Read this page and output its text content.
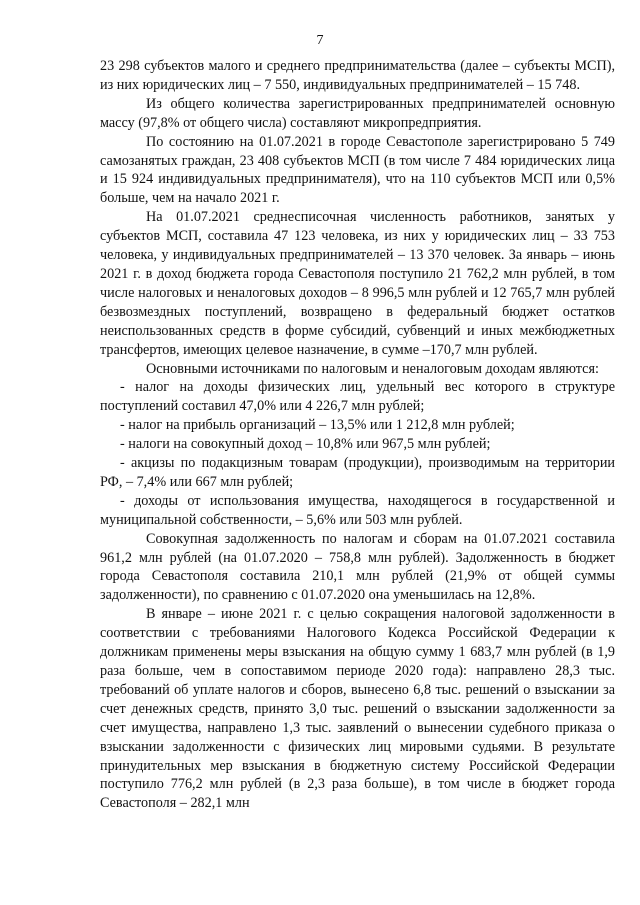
7

23 298 субъектов малого и среднего предпринимательства (далее – субъекты МСП), из них юридических лиц – 7 550, индивидуальных предпринимателей – 15 748.

Из общего количества зарегистрированных предпринимателей основную массу (97,8% от общего числа) составляют микропредприятия.

По состоянию на 01.07.2021 в городе Севастополе зарегистрировано 5 749 самозанятых граждан, 23 408 субъектов МСП (в том числе 7 484 юридических лица и 15 924 индивидуальных предпринимателя), что на 110 субъектов МСП или 0,5% больше, чем на начало 2021 г.

На 01.07.2021 среднесписочная численность работников, занятых у субъектов МСП, составила 47 123 человека, из них у юридических лиц – 33 753 человека, у индивидуальных предпринимателей – 13 370 человек. За январь – июнь 2021 г. в доход бюджета города Севастополя поступило 21 762,2 млн рублей, в том числе налоговых и неналоговых доходов – 8 996,5 млн рублей и 12 765,7 млн рублей безвозмездных поступлений, возвращено в федеральный бюджет остатков неиспользованных средств в форме субсидий, субвенций и иных межбюджетных трансфертов, имеющих целевое назначение, в сумме –170,7 млн рублей.

Основными источниками по налоговым и неналоговым доходам являются:

- налог на доходы физических лиц, удельный вес которого в структуре поступлений составил 47,0% или 4 226,7 млн рублей;

- налог на прибыль организаций – 13,5% или 1 212,8 млн рублей;

- налоги на совокупный доход – 10,8% или 967,5 млн рублей;

- акцизы по подакцизным товарам (продукции), производимым на территории РФ, – 7,4% или 667 млн рублей;

- доходы от использования имущества, находящегося в государственной и муниципальной собственности, – 5,6% или 503 млн рублей.

Совокупная задолженность по налогам и сборам на 01.07.2021 составила 961,2 млн рублей (на 01.07.2020 – 758,8 млн рублей). Задолженность в бюджет города Севастополя составила 210,1 млн рублей (21,9% от общей суммы задолженности), по сравнению с 01.07.2020 она уменьшилась на 12,8%.

В январе – июне 2021 г. с целью сокращения налоговой задолженности в соответствии с требованиями Налогового Кодекса Российской Федерации к должникам применены меры взыскания на общую сумму 1 683,7 млн рублей (в 1,9 раза больше, чем в сопоставимом периоде 2020 года): направлено 28,3 тыс. требований об уплате налогов и сборов, вынесено 6,8 тыс. решений о взыскании за счет денежных средств, принято 3,0 тыс. решений о взыскании задолженности за счет имущества, направлено 1,3 тыс. заявлений о вынесении судебного приказа о взыскании задолженности с физических лиц мировыми судьями. В результате принудительных мер взыскания в бюджетную систему Российской Федерации поступило 776,2 млн рублей (в 2,3 раза больше), в том числе в бюджет города Севастополя – 282,1 млн
